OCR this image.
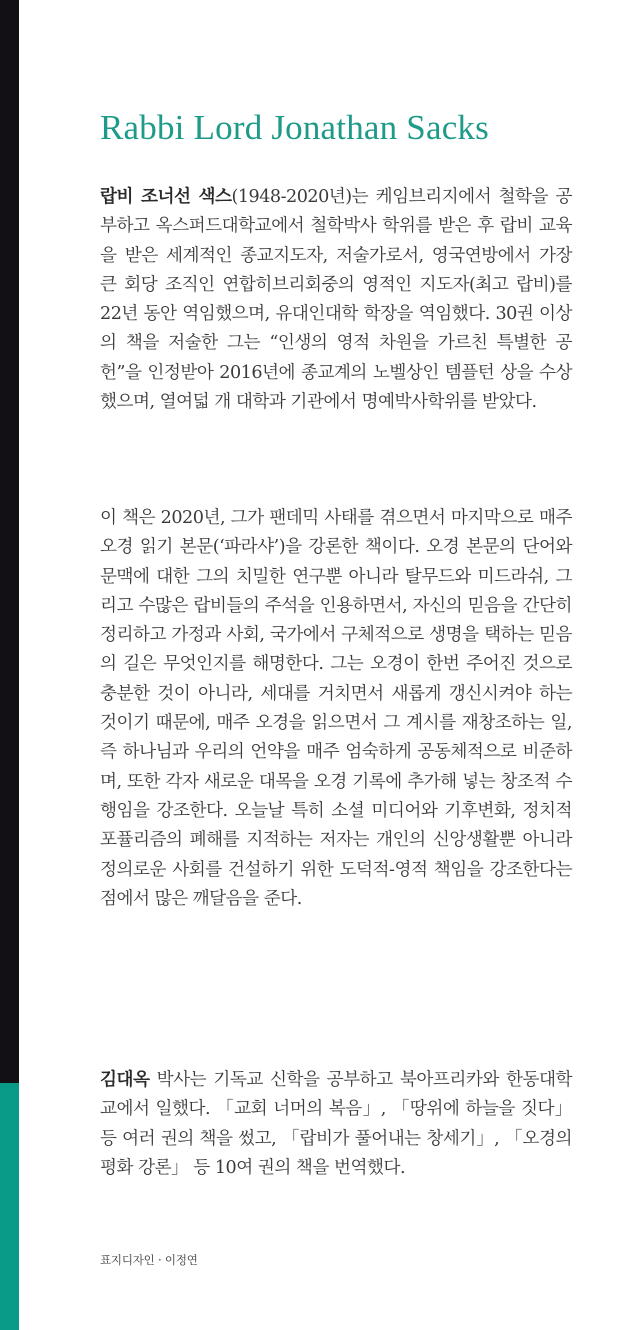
Rabbi Lord Jonathan Sacks

랍비 조너선 색스(1948-2020년)는 케임브리지에서 철학을 공부하고 옥스퍼드대학교에서 철학박사 학위를 받은 후 랍비 교육을 받은 세계적인 종교지도자, 저술가로서, 영국연방에서 가장 큰 회당 조직인 연합히브리회중의 영적인 지도자(최고 랍비)를 22년 동안 역임했으며, 유대인대학 학장을 역임했다. 30권 이상의 책을 저술한 그는 “인생의 영적 차원을 가르친 특별한 공헌”을 인정받아 2016년에 종교계의 노벨상인 템플턴 상을 수상했으며, 열여덟 개 대학과 기관에서 명예박사학위를 받았다.

이 책은 2020년, 그가 팬데믹 사태를 겪으면서 마지막으로 매주 오경 읽기 본문(‘파라샤’)을 강론한 책이다. 오경 본문의 단어와 문맥에 대한 그의 치밀한 연구뿐 아니라 탈무드와 미드라쉬, 그리고 수많은 랍비들의 주석을 인용하면서, 자신의 믿음을 간단히 정리하고 가정과 사회, 국가에서 구체적으로 생명을 택하는 믿음의 길은 무엇인지를 해명한다. 그는 오경이 한번 주어진 것으로 충분한 것이 아니라, 세대를 거치면서 새롭게 갱신시켜야 하는 것이기 때문에, 매주 오경을 읽으면서 그 계시를 재창조하는 일, 즉 하나님과 우리의 언약을 매주 엄숙하게 공동체적으로 비준하며, 또한 각자 새로운 대목을 오경 기록에 추가해 넣는 창조적 수행임을 강조한다. 오늘날 특히 소셜 미디어와 기후변화, 정치적 포퓰리즘의 폐해를 지적하는 저자는 개인의 신앙생활뿐 아니라 정의로운 사회를 건설하기 위한 도덕적-영적 책임을 강조한다는 점에서 많은 깨달음을 준다.

김대옥 박사는 기독교 신학을 공부하고 북아프리카와 한동대학교에서 일했다. 「교회 너머의 복음」, 「땅위에 하늘을 짓다」 등 여러 권의 책을 썼고, 「랍비가 풀어내는 창세기」, 「오경의 평화 강론」 등 10여 권의 책을 번역했다.

표지디자인 · 이정연
